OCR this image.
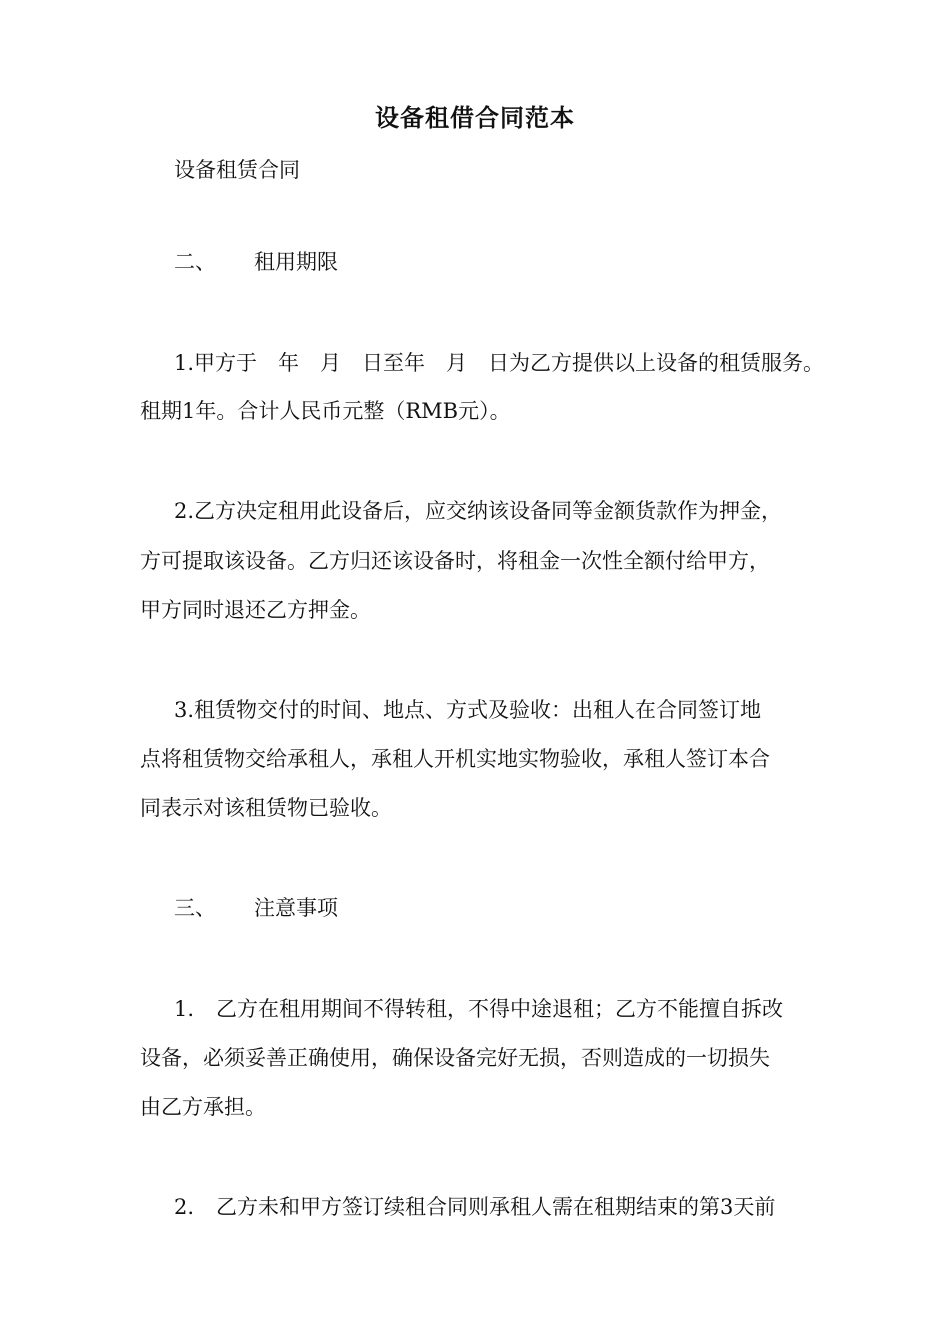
设备租借合同范本
设备租赁合同
二、 租用期限
1.甲方于　年　月　日至年　月　日为乙方提供以上设备的租赁服务。
租期1年。合计人民币元整（RMB元）。
2.乙方决定租用此设备后，应交纳该设备同等金额货款作为押金，
方可提取该设备。乙方归还该设备时，将租金一次性全额付给甲方，
甲方同时退还乙方押金。
3.租赁物交付的时间、地点、方式及验收：出租人在合同签订地
点将租赁物交给承租人，承租人开机实地实物验收，承租人签订本合
同表示对该租赁物已验收。
三、 注意事项
1. 乙方在租用期间不得转租，不得中途退租；乙方不能擅自拆改
设备，必须妥善正确使用，确保设备完好无损，否则造成的一切损失
由乙方承担。
2. 乙方未和甲方签订续租合同则承租人需在租期结束的第3天前
